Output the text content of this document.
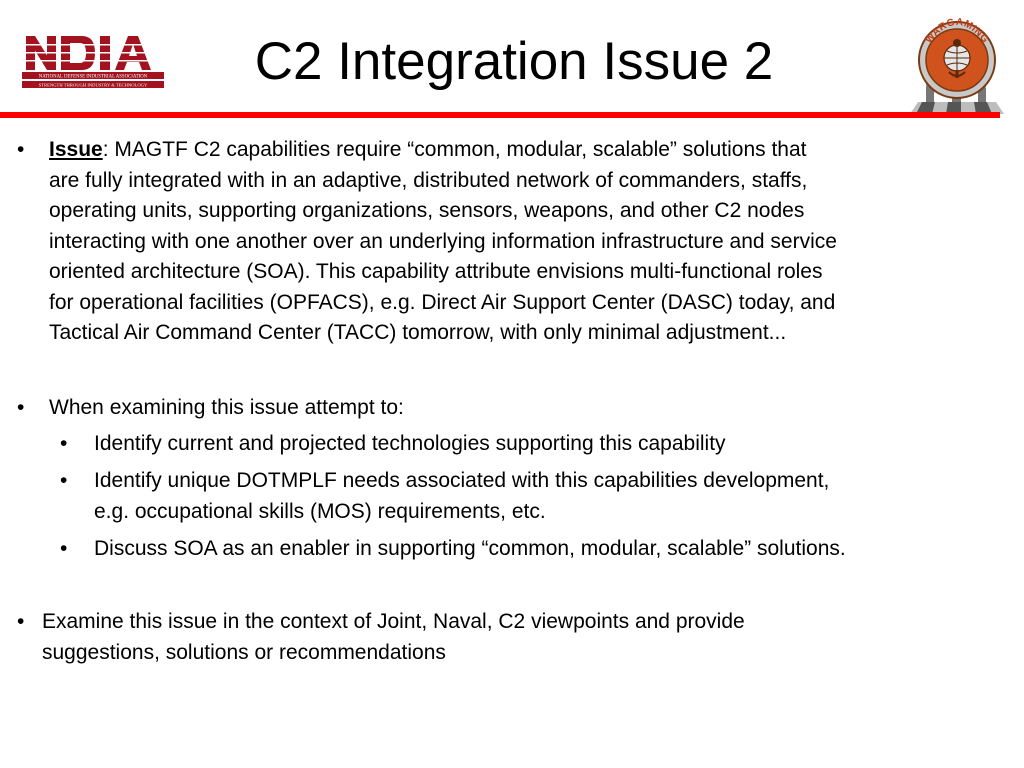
NATIONAL DEFENSE INDUSTRIAL ASSOCIATION
STRENGTH THROUGH INDUSTRY & TECHNOLOGY	C2 Integration Issue 2	WARGAMING
• Issue: MAGTF C2 capabilities require “common, modular, scalable” solutions that
are fully integrated with in an adaptive, distributed network of commanders, staffs,
operating units, supporting organizations, sensors, weapons, and other C2 nodes
interacting with one another over an underlying information infrastructure and service
oriented architecture (SOA). This capability attribute envisions multi-functional roles
for operational facilities (OPFACS), e.g. Direct Air Support Center (DASC) today, and
Tactical Air Command Center (TACC) tomorrow, with only minimal adjustment...
• When examining this issue attempt to:
• Identify current and projected technologies supporting this capability
• Identify unique DOTMPLF needs associated with this capabilities development,
e.g. occupational skills (MOS) requirements, etc.
• Discuss SOA as an enabler in supporting “common, modular, scalable” solutions.
• Examine this issue in the context of Joint, Naval, C2 viewpoints and provide
suggestions, solutions or recommendations
